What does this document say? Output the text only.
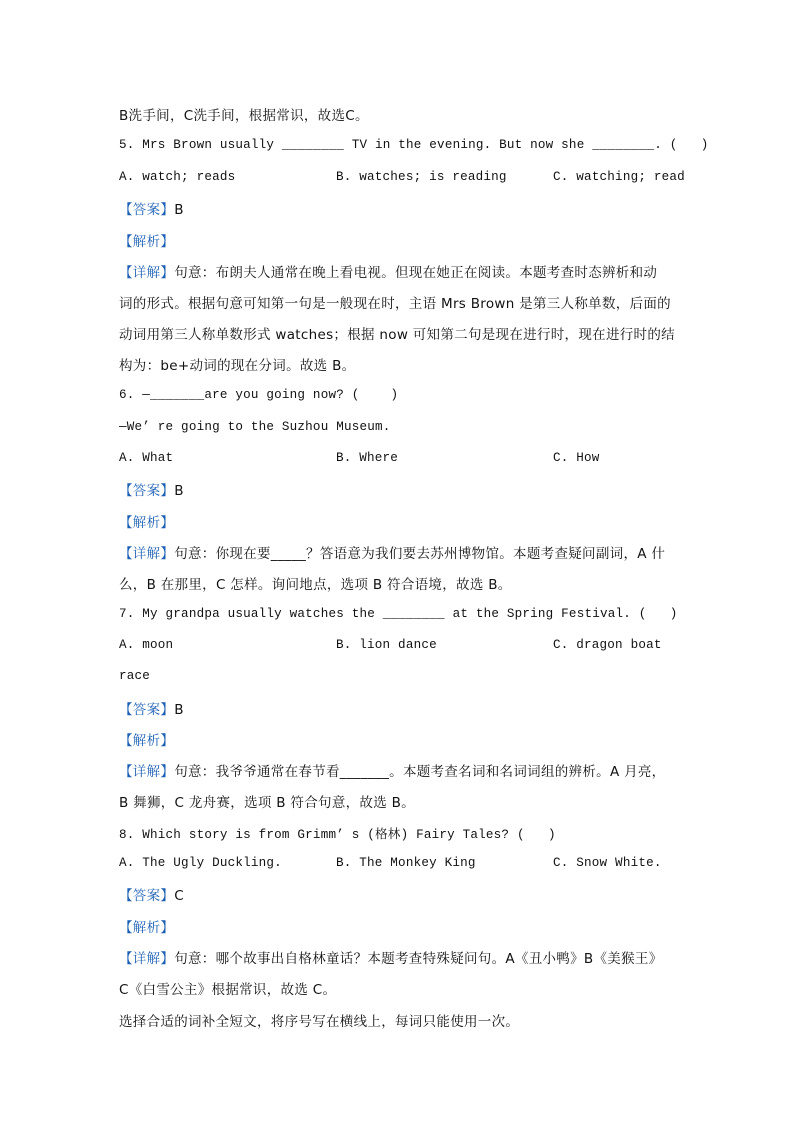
B洗手间，C洗手间，根据常识，故选C。
5. Mrs Brown usually ________ TV in the evening. But now she ________. (   )
A. watch; reads	B. watches; is reading	C. watching; read
【答案】B
【解析】
【详解】句意：布朗夫人通常在晚上看电视。但现在她正在阅读。本题考查时态辨析和动
词的形式。根据句意可知第一句是一般现在时，主语 Mrs Brown 是第三人称单数，后面的
动词用第三人称单数形式 watches；根据 now 可知第二句是现在进行时，现在进行时的结
构为：be+动词的现在分词。故选 B。
6. —_______are you going now? (    )
—We’ re going to the Suzhou Museum.
A. What	B. Where	C. How
【答案】B
【解析】
【详解】句意：你现在要_____？答语意为我们要去苏州博物馆。本题考查疑问副词，A 什
么，B 在那里，C 怎样。询问地点，选项 B 符合语境，故选 B。
7. My grandpa usually watches the ________ at the Spring Festival. (   )
A. moon	B. lion dance	C. dragon boat
race
【答案】B
【解析】
【详解】句意：我爷爷通常在春节看_______。本题考查名词和名词词组的辨析。A 月亮，
B 舞狮，C 龙舟赛，选项 B 符合句意，故选 B。
8. Which story is from Grimm’ s (格林) Fairy Tales? (   )
A. The Ugly Duckling.	B. The Monkey King	C. Snow White.
【答案】C
【解析】
【详解】句意：哪个故事出自格林童话？本题考查特殊疑问句。A《丑小鸭》B《美猴王》
C《白雪公主》根据常识，故选 C。
选择合适的词补全短文，将序号写在横线上，每词只能使用一次。
